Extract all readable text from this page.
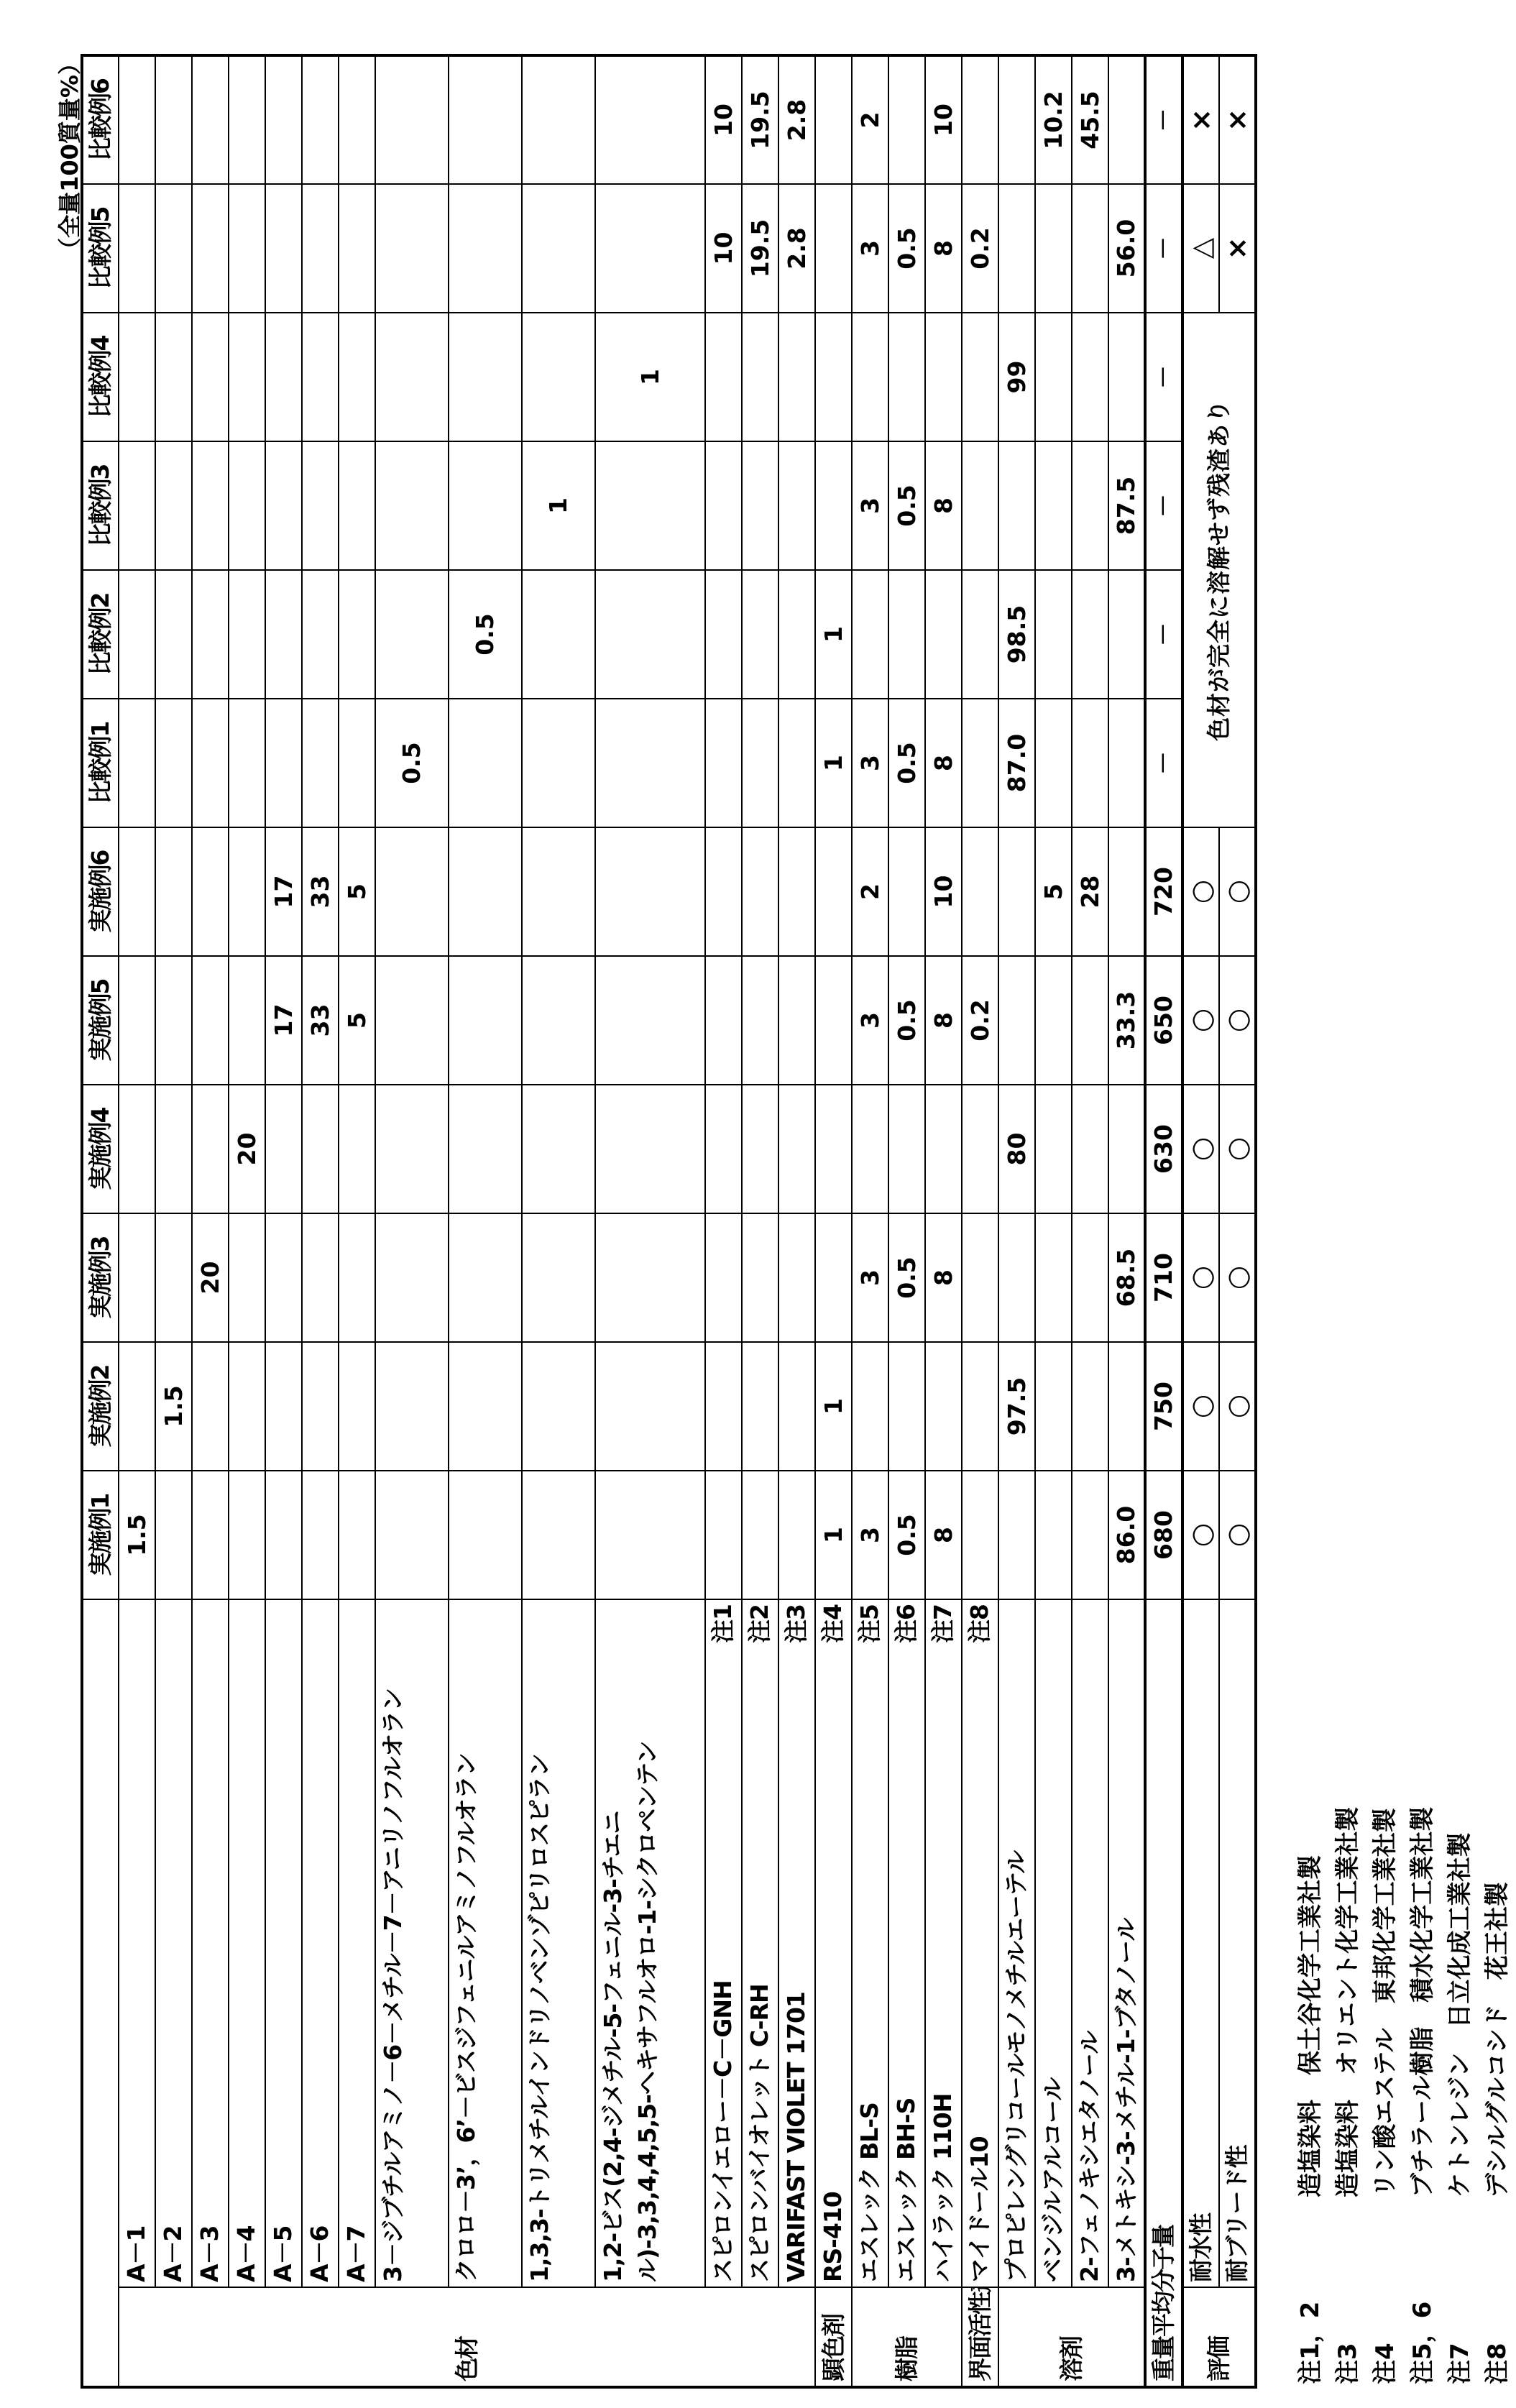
（全量100質量%）
	実施例1	実施例2	実施例3	実施例4	実施例5	実施例6	比較例1	比較例2	比較例3	比較例4	比較例5	比較例6
色材	
A－1
	1.5											

A－2
		1.5										

A－3
			20									

A－4
				20								

A－5
					17	17						

A－6
					33	33						

A－7
					5	5						

3－ジブチルアミノ－6－メチル－7－アニリノフルオラン
							0.5					

クロロ－3’，6’－ビスジフェニルアミノフルオラン
								0.5				

1,3,3-トリメチルインドリノベンゾピリロスピラン
									1			

1,2-ビス(2,4-ジメチル-5-フェニル-3-チエニル)-3,3,4,4,5,5-ヘキサフルオロ-1-シクロペンテン
										1		

スピロンイエロー－C－GNH
注1
											10	10

スピロンバイオレット C-RH
注2
											19.5	19.5

VARIFAST VIOLET 1701
注3
											2.8	2.8
顕色剤	
RS-410
注4
	1	1					1	1				
樹脂	
エスレック BL-S
注5
	3		3		3	2	3		3		3	2

エスレック BH-S
注6
	0.5		0.5		0.5		0.5		0.5		0.5	

ハイラック 110H
注7
	8		8		8	10	8		8		8	10
界面活性剤	
マイドール10
注8
					0.2						0.2	
溶剤	
プロピレングリコールモノメチルエーテル
		97.5		80			87.0	98.5		99		

ベンジルアルコール
						5						10.2

2-フェノキシエタノール
						28						45.5

3-メトキシ-3-メチル-1-ブタノール
	86.0		68.5		33.3				87.5		56.0	
重量平均分子量	680	750	710	630	650	720	－	－	－	－	－	－
評価	
耐水性
	○	○	○	○	○	○	色材が完全に溶解せず残渣あり	△	×

耐ブリード性
	○	○	○	○	○	○	×	×
注1，2
造塩染料　保土谷化学工業社製
注3
造塩染料　オリエント化学工業社製
注4
リン酸エステル　東邦化学工業社製
注5，6
ブチラール樹脂　積水化学工業社製
注7
ケトンレジン　日立化成工業社製
注8
デシルグルコシド　花王社製
